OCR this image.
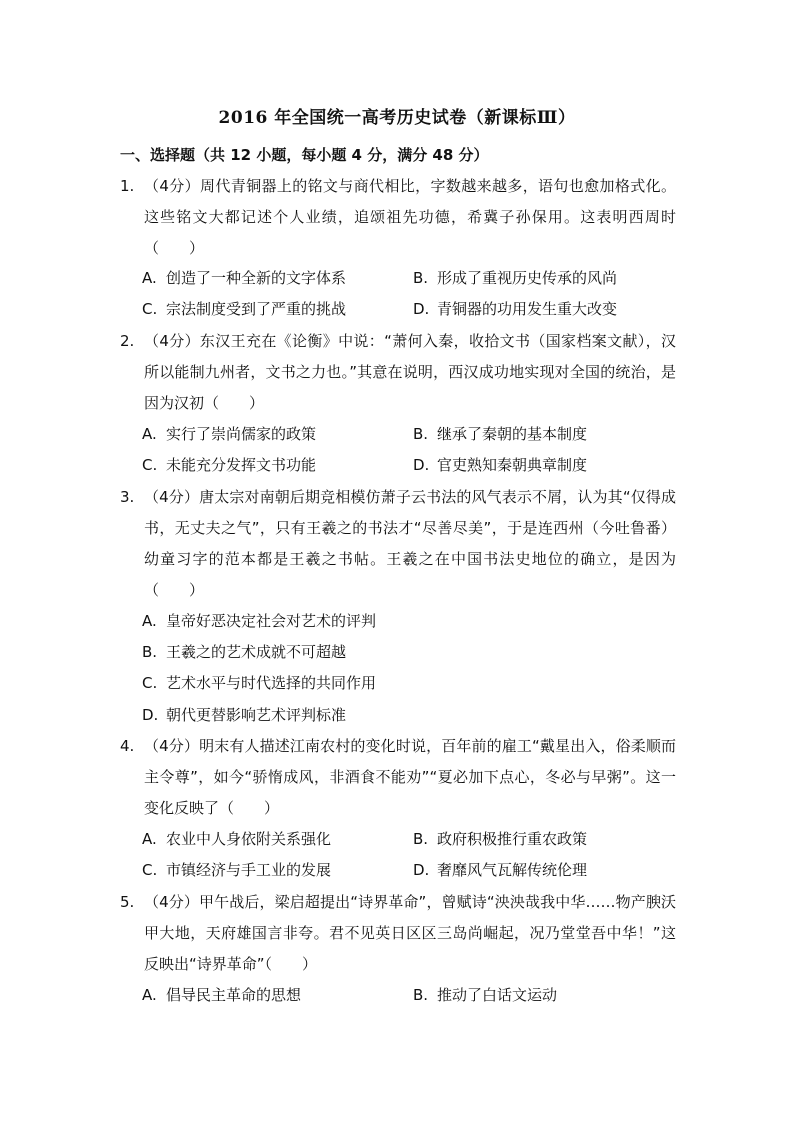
2016 年全国统一高考历史试卷（新课标Ⅲ）
一、选择题（共 12 小题，每小题 4 分，满分 48 分）
1. （4分）周代青铜器上的铭文与商代相比，字数越来越多，语句也愈加格式化。这些铭文大都记述个人业绩，追颂祖先功德，希冀子孙保用。这表明西周时（　　）
A. 创造了一种全新的文字体系	B. 形成了重视历史传承的风尚
C. 宗法制度受到了严重的挑战	D. 青铜器的功用发生重大改变
2. （4分）东汉王充在《论衡》中说：“萧何入秦，收拾文书（国家档案文献），汉所以能制九州者，文书之力也。”其意在说明，西汉成功地实现对全国的统治，是因为汉初（　　）
A. 实行了崇尚儒家的政策	B. 继承了秦朝的基本制度
C. 未能充分发挥文书功能	D. 官吏熟知秦朝典章制度
3. （4分）唐太宗对南朝后期竞相模仿萧子云书法的风气表示不屑，认为其“仅得成书，无丈夫之气”，只有王羲之的书法才“尽善尽美”，于是连西州（今吐鲁番）幼童习字的范本都是王羲之书帖。王羲之在中国书法史地位的确立，是因为（　　）
A. 皇帝好恶决定社会对艺术的评判
B. 王羲之的艺术成就不可超越
C. 艺术水平与时代选择的共同作用
D. 朝代更替影响艺术评判标准
4. （4分）明末有人描述江南农村的变化时说，百年前的雇工“戴星出入，俗柔顺而主令尊”，如今“骄惰成风，非酒食不能劝”“夏必加下点心，冬必与早粥”。这一变化反映了（　　）
A. 农业中人身依附关系强化	B. 政府积极推行重农政策
C. 市镇经济与手工业的发展	D. 奢靡风气瓦解传统伦理
5. （4分）甲午战后，梁启超提出“诗界革命”，曾赋诗“泱泱哉我中华……物产腴沃甲大地，天府雄国言非夸。君不见英日区区三岛尚崛起，况乃堂堂吾中华！”这反映出“诗界革命”（　　）
A. 倡导民主革命的思想	B. 推动了白话文运动
